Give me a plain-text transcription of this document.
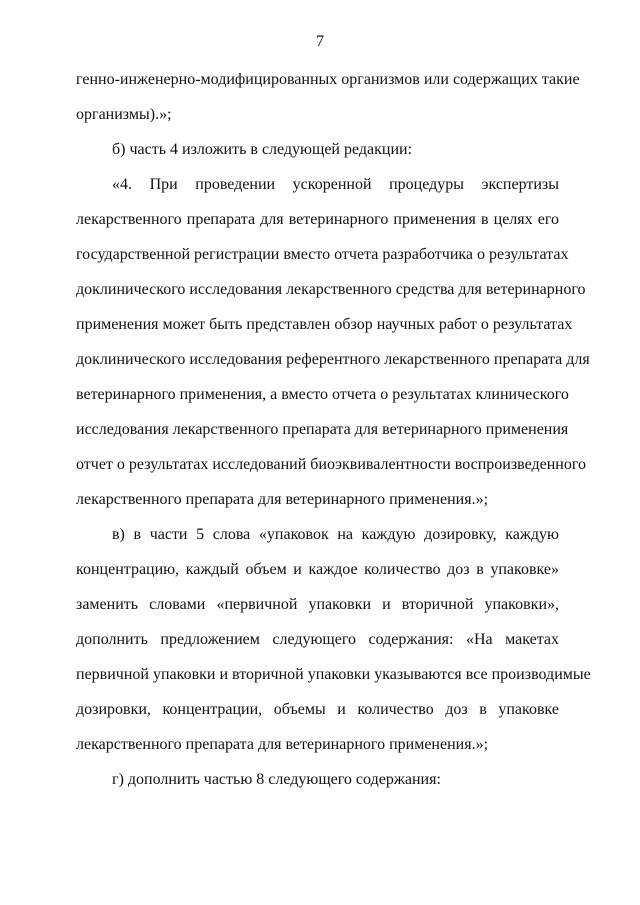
7
генно-инженерно-модифицированных организмов или содержащих такие
организмы).»;
б) часть 4 изложить в следующей редакции:
«4. При проведении ускоренной процедуры экспертизы
лекарственного препарата для ветеринарного применения в целях его
государственной регистрации вместо отчета разработчика о результатах
доклинического исследования лекарственного средства для ветеринарного
применения может быть представлен обзор научных работ о результатах
доклинического исследования референтного лекарственного препарата для
ветеринарного применения, а вместо отчета о результатах клинического
исследования лекарственного препарата для ветеринарного применения
отчет о результатах исследований биоэквивалентности воспроизведенного
лекарственного препарата для ветеринарного применения.»;
в) в части 5 слова «упаковок на каждую дозировку, каждую
концентрацию, каждый объем и каждое количество доз в упаковке»
заменить словами «первичной упаковки и вторичной упаковки»,
дополнить предложением следующего содержания: «На макетах
первичной упаковки и вторичной упаковки указываются все производимые
дозировки, концентрации, объемы и количество доз в упаковке
лекарственного препарата для ветеринарного применения.»;
г) дополнить частью 8 следующего содержания:
